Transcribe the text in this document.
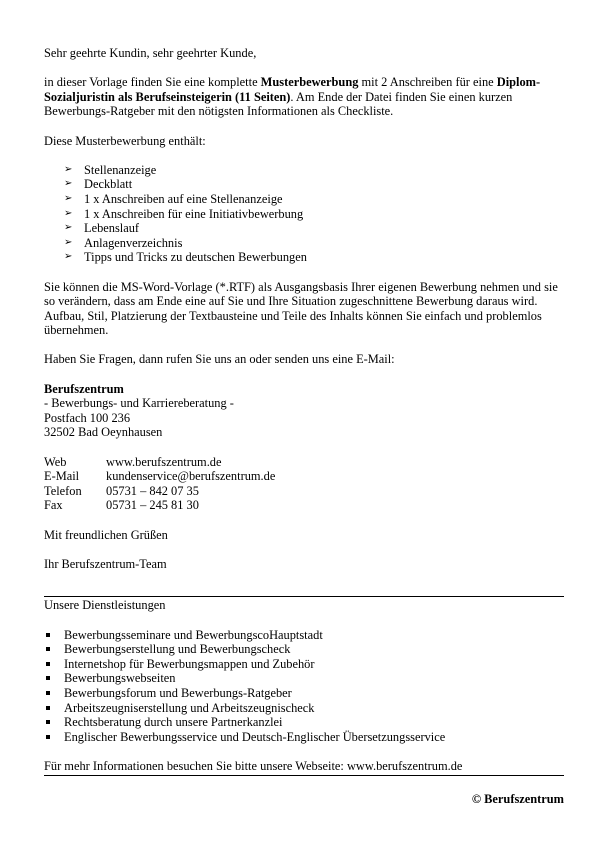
Sehr geehrte Kundin, sehr geehrter Kunde,

in dieser Vorlage finden Sie eine komplette Musterbewerbung mit 2 Anschreiben für eine Diplom-Sozialjuristin als Berufseinsteigerin (11 Seiten). Am Ende der Datei finden Sie einen kurzen Bewerbungs-Ratgeber mit den nötigsten Informationen als Checkliste.

Diese Musterbewerbung enthält:

➢ Stellenanzeige
➢ Deckblatt
➢ 1 x Anschreiben auf eine Stellenanzeige
➢ 1 x Anschreiben für eine Initiativbewerbung
➢ Lebenslauf
➢ Anlagenverzeichnis
➢ Tipps und Tricks zu deutschen Bewerbungen

Sie können die MS-Word-Vorlage (*.RTF) als Ausgangsbasis Ihrer eigenen Bewerbung nehmen und sie so verändern, dass am Ende eine auf Sie und Ihre Situation zugeschnittene Bewerbung daraus wird. Aufbau, Stil, Platzierung der Textbausteine und Teile des Inhalts können Sie einfach und problemlos übernehmen.

Haben Sie Fragen, dann rufen Sie uns an oder senden uns eine E-Mail:

Berufszentrum

- Bewerbungs- und Karriereberatung -

Postfach 100 236

32502 Bad Oeynhausen

Web	www.berufszentrum.de
E-Mail	kundenservice@berufszentrum.de
Telefon	05731 – 842 07 35
Fax	05731 – 245 81 30

Mit freundlichen Grüßen

Ihr Berufszentrum-Team

Unsere Dienstleistungen

Bewerbungsseminare und BewerbungscoHauptstadt
Bewerbungserstellung und Bewerbungscheck
Internetshop für Bewerbungsmappen und Zubehör
Bewerbungswebseiten
Bewerbungsforum und Bewerbungs-Ratgeber
Arbeitszeugniserstellung und Arbeitszeugnischeck
Rechtsberatung durch unsere Partnerkanzlei
Englischer Bewerbungsservice und Deutsch-Englischer Übersetzungsservice

Für mehr Informationen besuchen Sie bitte unsere Webseite: www.berufszentrum.de

© Berufszentrum
